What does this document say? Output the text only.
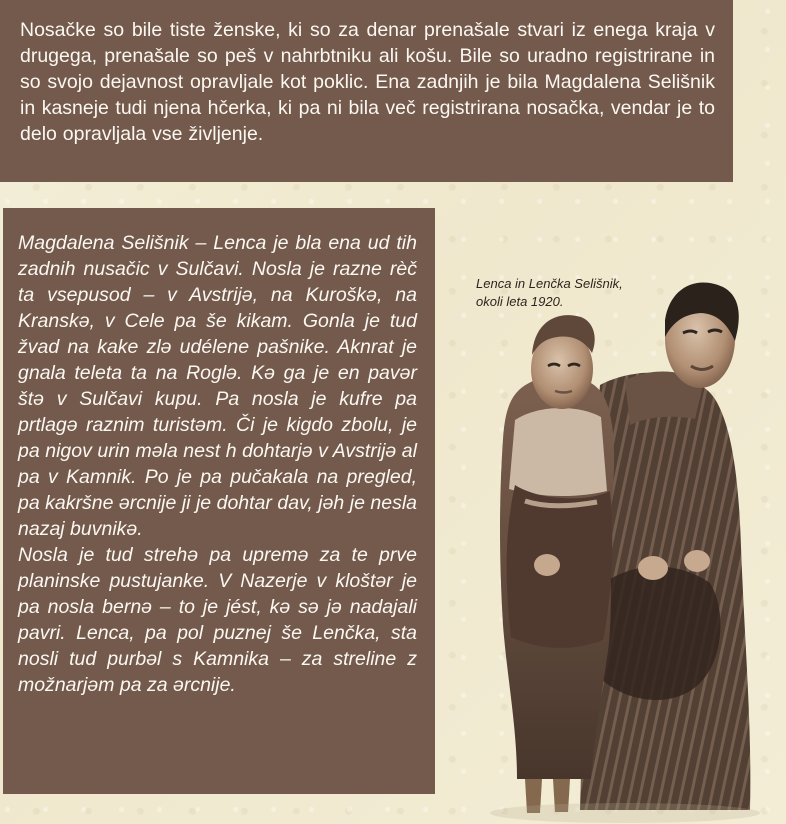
Nosačke so bile tiste ženske, ki so za denar prenašale stvari iz enega kraja v drugega, prenašale so peš v nahrbtniku ali košu. Bile so uradno registrirane in so svojo dejavnost opravljale kot poklic. Ena zadnjih je bila Magdalena Selišnik in kasneje tudi njena hčerka, ki pa ni bila več registrirana nosačka, vendar je to delo opravljala vse življenje.

Magdalena Selišnik – Lenca je bla ena ud tih zadnih nusačic v Sulčavi. Nosla je razne rèč ta vsepusod – v Avstrijə, na Kuroškə, na Kranskə, v Cele pa še kikam. Gonla je tud žvad na kake zlə udélene pašnike. Aknrat je gnala teleta ta na Roglə. Kə ga je en pavər štə v Sulčavi kupu. Pa nosla je kufre pa prtlagə raznim turistəm. Či je kigdo zbolu, je pa nigov urin məla nest h dohtarjə v Avstrijə al pa v Kamnik. Po je pa pučakala na pregled, pa kakršne ərcnije ji je dohtar dav, jəh je nesla nazaj buvnikə.

Nosla je tud strehə pa upremə za te prve planinske pustujanke. V Nazerje v kloštər je pa nosla bernə – to je jést, kə sə jə nadajali pavri. Lenca, pa pol puznej še Lenčka, sta nosli tud purbəl s Kamnika – za streline z možnarjəm pa za ərcnije.

Lenca in Lenčka Selišnik,
okoli leta 1920.
